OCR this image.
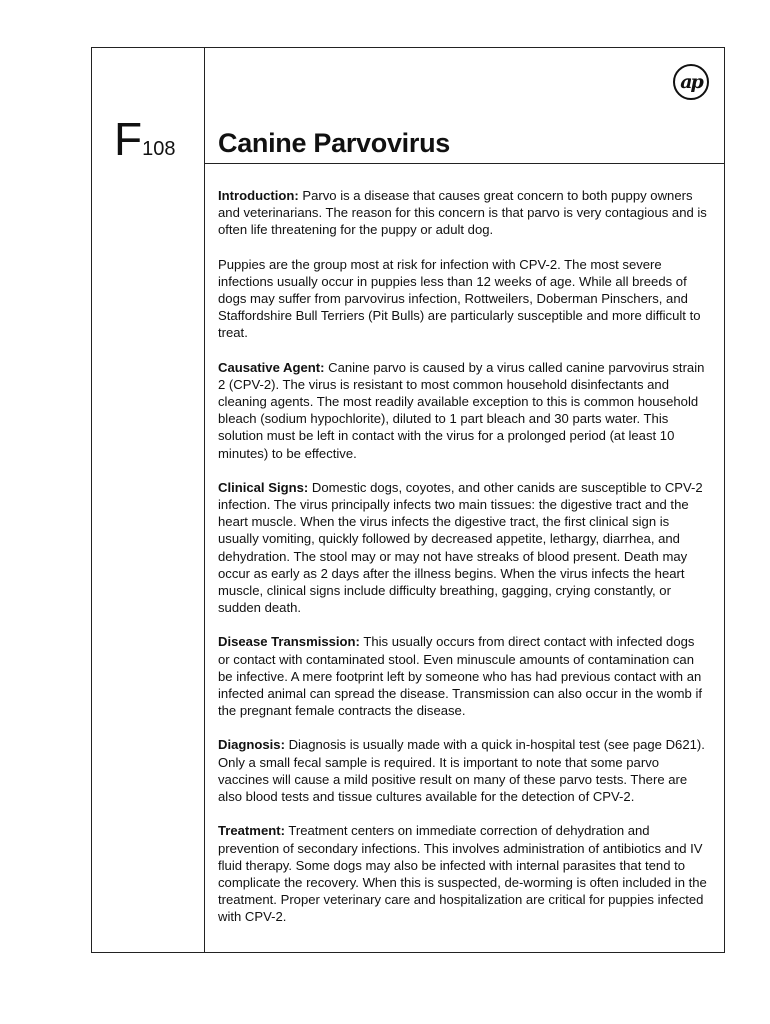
F108
ap
Canine Parvovirus

Introduction: Parvo is a disease that causes great concern to both puppy owners and veterinarians. The reason for this concern is that parvo is very contagious and is often life threatening for the puppy or adult dog.

Puppies are the group most at risk for infection with CPV-2. The most severe infections usually occur in puppies less than 12 weeks of age. While all breeds of dogs may suffer from parvovirus infection, Rottweilers, Doberman Pinschers, and Staffordshire Bull Terriers (Pit Bulls) are particularly susceptible and more difficult to treat.

Causative Agent: Canine parvo is caused by a virus called canine parvovirus strain 2 (CPV-2). The virus is resistant to most common household disinfectants and cleaning agents. The most readily available exception to this is common household bleach (sodium hypochlorite), diluted to 1 part bleach and 30 parts water. This solution must be left in contact with the virus for a prolonged period (at least 10 minutes) to be effective.

Clinical Signs: Domestic dogs, coyotes, and other canids are susceptible to CPV-2 infection. The virus principally infects two main tissues: the digestive tract and the heart muscle. When the virus infects the digestive tract, the first clinical sign is usually vomiting, quickly followed by decreased appetite, lethargy, diarrhea, and dehydration. The stool may or may not have streaks of blood present. Death may occur as early as 2 days after the illness begins. When the virus infects the heart muscle, clinical signs include difficulty breathing, gagging, crying constantly, or sudden death.

Disease Transmission: This usually occurs from direct contact with infected dogs or contact with contaminated stool. Even minuscule amounts of contamination can be infective. A mere footprint left by someone who has had previous contact with an infected animal can spread the disease. Transmission can also occur in the womb if the pregnant female contracts the disease.

Diagnosis: Diagnosis is usually made with a quick in-hospital test (see page D621). Only a small fecal sample is required. It is important to note that some parvo vaccines will cause a mild positive result on many of these parvo tests. There are also blood tests and tissue cultures available for the detection of CPV-2.

Treatment: Treatment centers on immediate correction of dehydration and prevention of secondary infections. This involves administration of antibiotics and IV fluid therapy. Some dogs may also be infected with internal parasites that tend to complicate the recovery. When this is suspected, de-worming is often included in the treatment. Proper veterinary care and hospitalization are critical for puppies infected with CPV-2.
